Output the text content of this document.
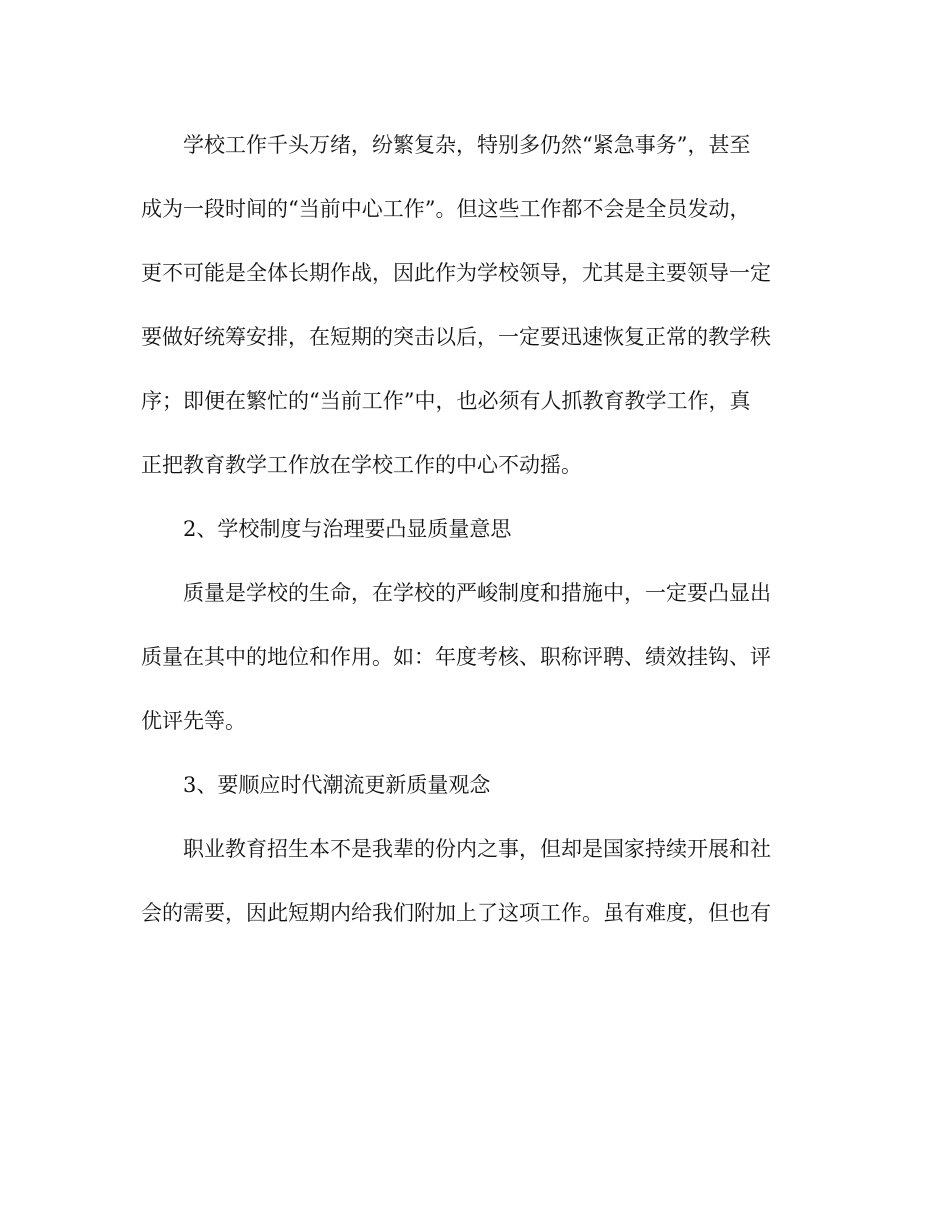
学校工作千头万绪，纷繁复杂，特别多仍然“紧急事务”，甚至

成为一段时间的“当前中心工作”。但这些工作都不会是全员发动，

更不可能是全体长期作战，因此作为学校领导，尤其是主要领导一定

要做好统筹安排，在短期的突击以后，一定要迅速恢复正常的教学秩

序；即便在繁忙的“当前工作”中，也必须有人抓教育教学工作，真

正把教育教学工作放在学校工作的中心不动摇。

2、学校制度与治理要凸显质量意思

质量是学校的生命，在学校的严峻制度和措施中，一定要凸显出

质量在其中的地位和作用。如：年度考核、职称评聘、绩效挂钩、评

优评先等。

3、要顺应时代潮流更新质量观念

职业教育招生本不是我辈的份内之事，但却是国家持续开展和社

会的需要，因此短期内给我们附加上了这项工作。虽有难度，但也有
